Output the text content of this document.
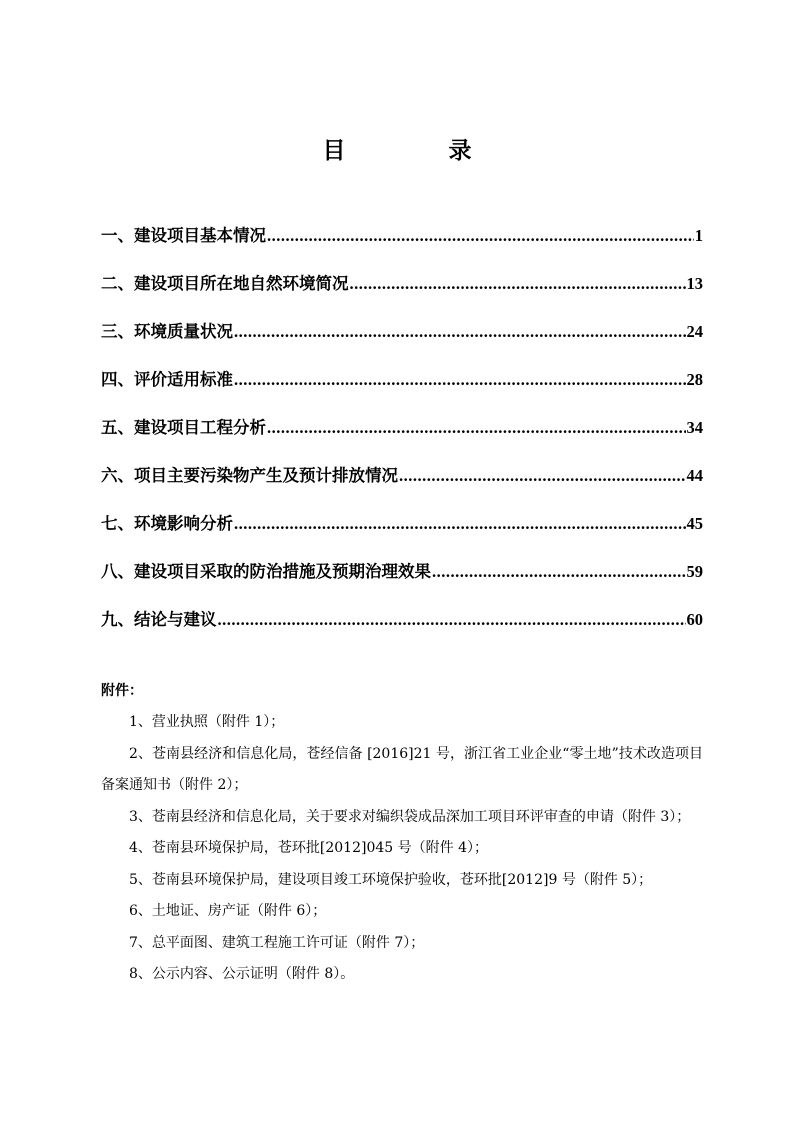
目　录
一、建设项目基本情况 .....	1
二、建设项目所在地自然环境简况 .....	13
三、环境质量状况 .....	24
四、评价适用标准 .....	28
五、建设项目工程分析 .....	34
六、项目主要污染物产生及预计排放情况 .....	44
七、环境影响分析 .....	45
八、建设项目采取的防治措施及预期治理效果 .....	59
九、结论与建议 .....	60
附件：
1、营业执照（附件 1）；
2、苍南县经济和信息化局，苍经信备 [2016]21 号，浙江省工业企业“零土地”技术改造项目备案通知书（附件 2）；
3、苍南县经济和信息化局，关于要求对编织袋成品深加工项目环评审查的申请（附件 3）；
4、苍南县环境保护局，苍环批[2012]045 号（附件 4）；
5、苍南县环境保护局，建设项目竣工环境保护验收，苍环批[2012]9 号（附件 5）；
6、土地证、房产证（附件 6）；
7、总平面图、建筑工程施工许可证（附件 7）；
8、公示内容、公示证明（附件 8）。
